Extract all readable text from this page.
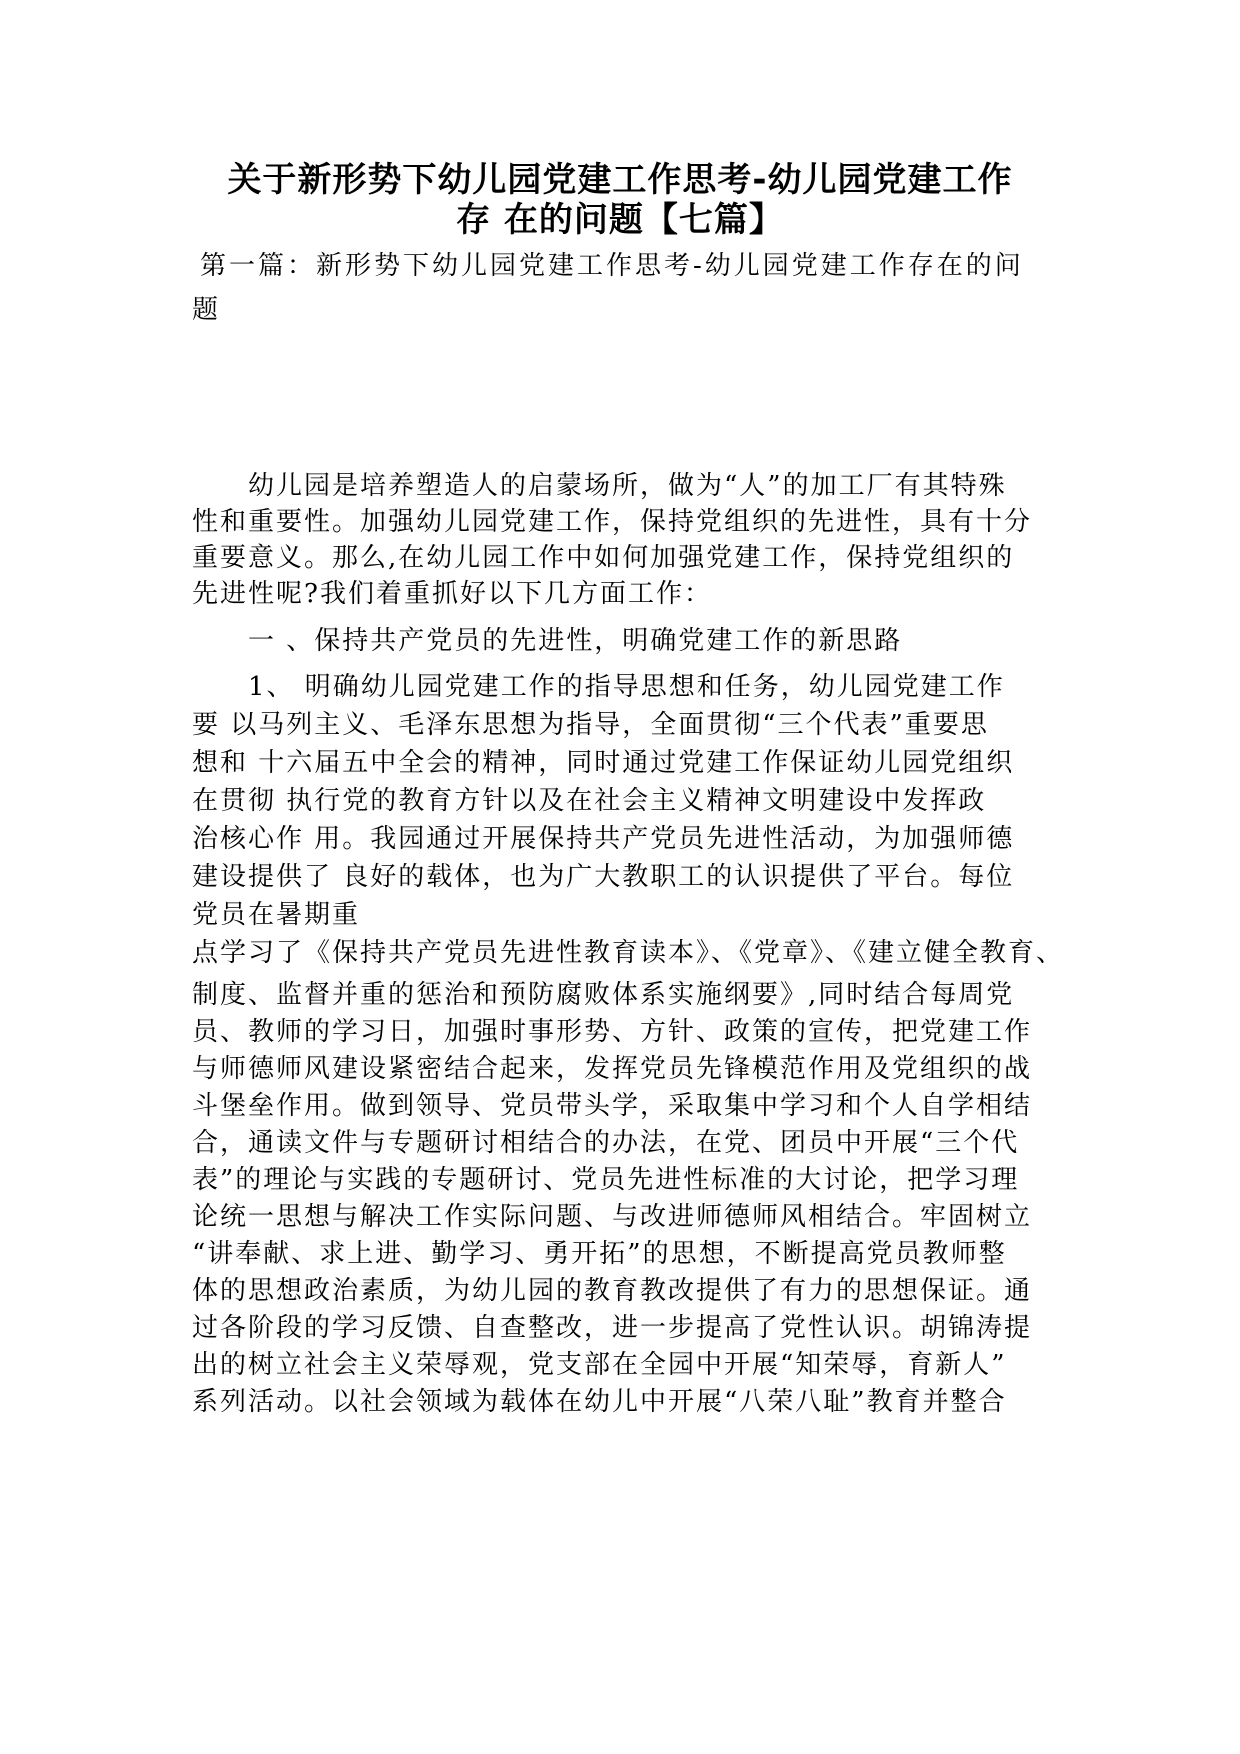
关于新形势下幼儿园党建工作思考-幼儿园党建工作
存 在的问题【七篇】
第一篇：新形势下幼儿园党建工作思考-幼儿园党建工作存在的问
题
幼儿园是培养塑造人的启蒙场所，做为“人”的加工厂有其特殊
性和重要性。加强幼儿园党建工作，保持党组织的先进性，具有十分
重要意义。那么,在幼儿园工作中如何加强党建工作，保持党组织的
先进性呢?我们着重抓好以下几方面工作：
一 、保持共产党员的先进性，明确党建工作的新思路
1、 明确幼儿园党建工作的指导思想和任务，幼儿园党建工作
要 以马列主义、毛泽东思想为指导，全面贯彻“三个代表”重要思
想和 十六届五中全会的精神，同时通过党建工作保证幼儿园党组织
在贯彻 执行党的教育方针以及在社会主义精神文明建设中发挥政
治核心作 用。我园通过开展保持共产党员先进性活动，为加强师德
建设提供了 良好的载体，也为广大教职工的认识提供了平台。每位
党员在暑期重
点学习了《保持共产党员先进性教育读本》、《党章》、《建立健全教育、
制度、监督并重的惩治和预防腐败体系实施纲要》,同时结合每周党
员、教师的学习日，加强时事形势、方针、政策的宣传，把党建工作
与师德师风建设紧密结合起来，发挥党员先锋模范作用及党组织的战
斗堡垒作用。做到领导、党员带头学，采取集中学习和个人自学相结
合，通读文件与专题研讨相结合的办法，在党、团员中开展“三个代
表”的理论与实践的专题研讨、党员先进性标准的大讨论，把学习理
论统一思想与解决工作实际问题、与改进师德师风相结合。牢固树立
“讲奉献、求上进、勤学习、勇开拓”的思想，不断提高党员教师整
体的思想政治素质，为幼儿园的教育教改提供了有力的思想保证。通
过各阶段的学习反馈、自查整改，进一步提高了党性认识。胡锦涛提
出的树立社会主义荣辱观，党支部在全园中开展“知荣辱，育新人”
系列活动。以社会领域为载体在幼儿中开展“八荣八耻”教育并整合
